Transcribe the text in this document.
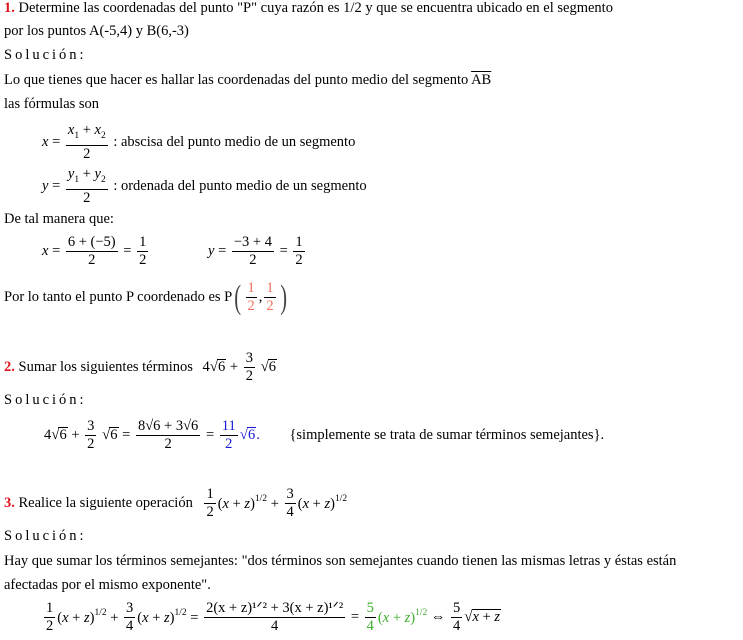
1. Determine las coordenadas del punto "P" cuya razón es 1/2 y que se encuentra ubicado en el segmento
por los puntos A(-5,4) y B(6,-3)
Solución:
Lo que tienes que hacer es hallar las coordenadas del punto medio del segmento $\overline{AB}$
las fórmulas son
$x = \frac{x_1 + x_2}{2}$ : abscisa del punto medio de un segmento
$y = \frac{y_1 + y_2}{2}$ : ordenada del punto medio de un segmento
De tal manera que:
$x = \frac{6 + (-5)}{2} = \frac{1}{2}$	$y = \frac{-3 + 4}{2} = \frac{1}{2}$
Por lo tanto el punto P coordenado es $P( \frac{1}{2}$ , $\frac{1}{2}$ )
2. Sumar los siguientes términos $4√6 + \frac{3}{2} √6$
Solución:
$4√6 + \frac{3}{2} √6 = \frac{8√6 + 3√6}{2} = \frac{11}{2} √6$. {simplemente se trata de sumar términos semejantes}.
3. Realice la siguiente operación $\frac{1}{2} (x + z)^{1/2} + \frac{3}{4} (x + z)^{1/2}$
Solución:
Hay que sumar los términos semejantes: "dos términos son semejantes cuando tienen las mismas letras y éstas están
afectadas por el mismo exponente".
$\frac{1}{2} (x + z)^{1/2} + \frac{3}{4} (x + z)^{1/2} = \frac{\text{2(x + z)¹ᐟ² + 3(x + z)¹ᐟ²}}{4} = \frac{5}{4} (x + z)^{1/2}$ ⇔ $\frac{5}{4} √x + z$
